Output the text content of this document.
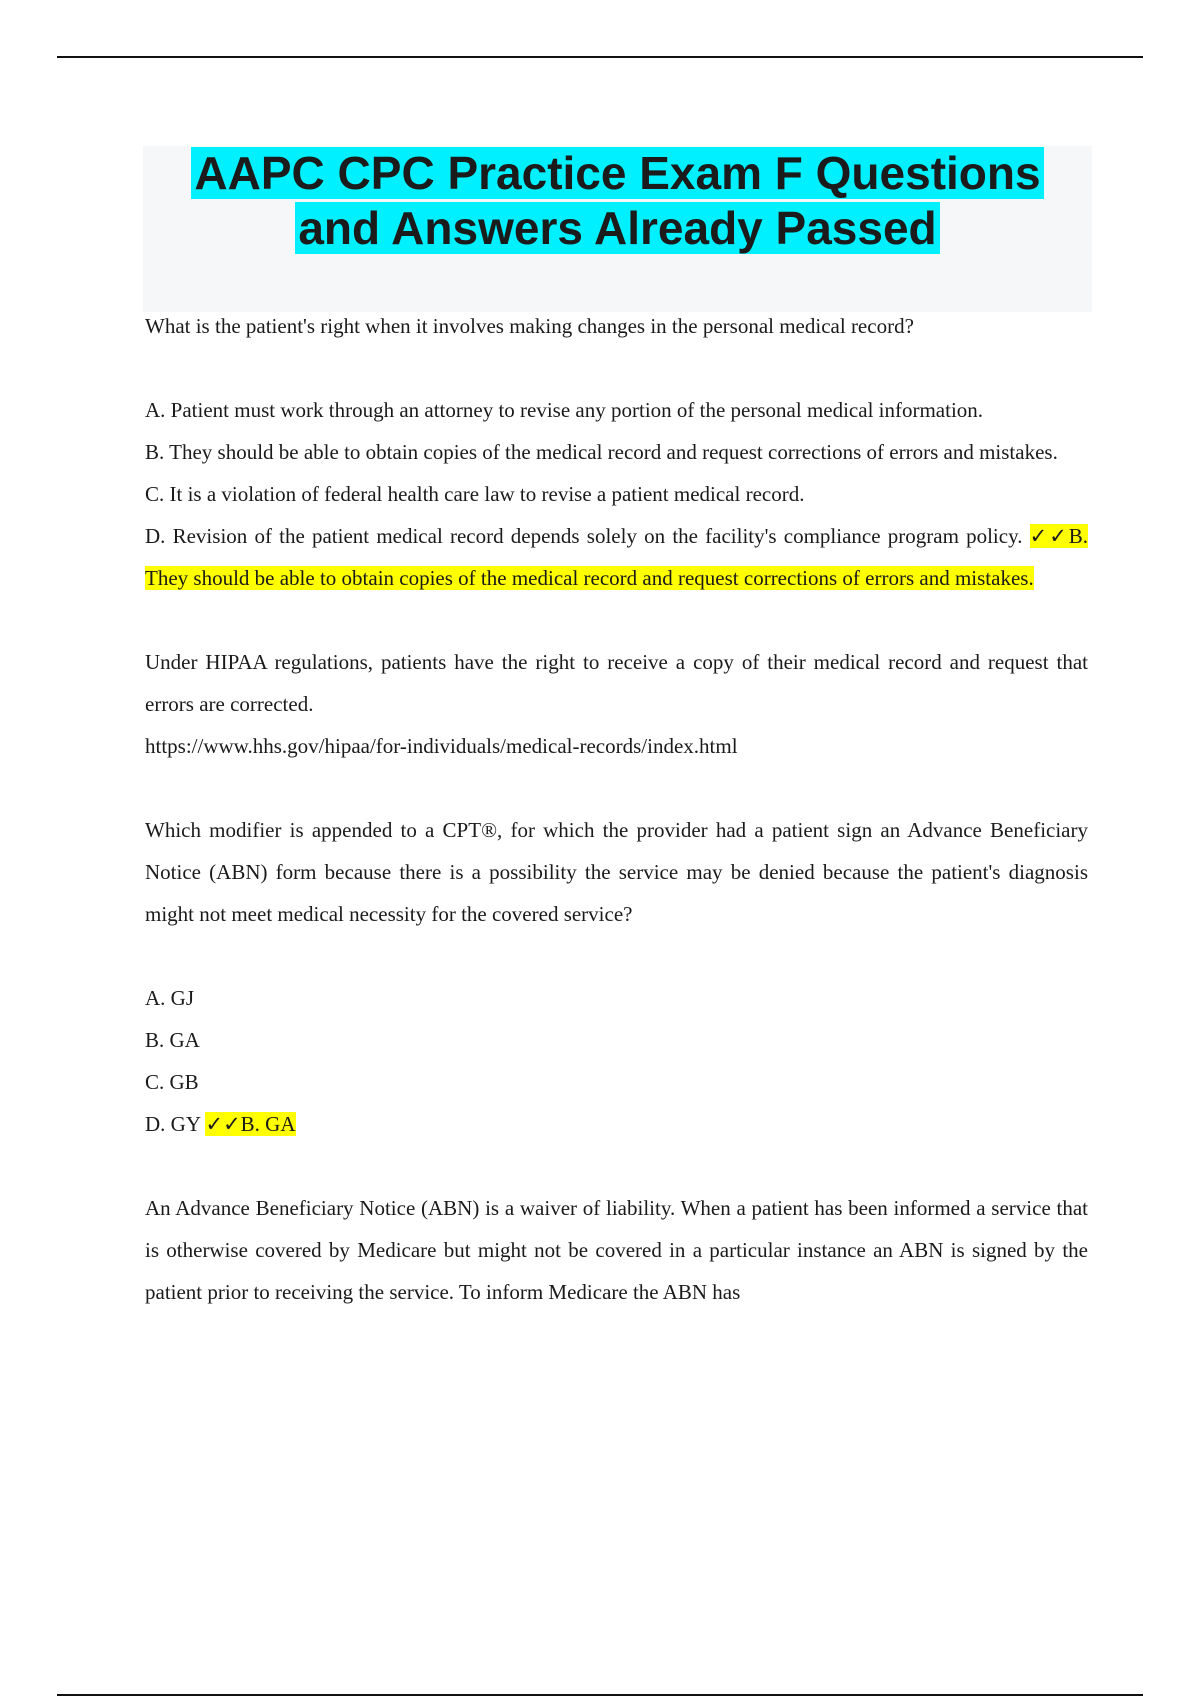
AAPC CPC Practice Exam F Questions
and Answers Already Passed

What is the patient's right when it involves making changes in the personal medical record?

A. Patient must work through an attorney to revise any portion of the personal medical information.

B. They should be able to obtain copies of the medical record and request corrections of errors and mistakes.

C. It is a violation of federal health care law to revise a patient medical record.

D. Revision of the patient medical record depends solely on the facility's compliance program policy. ✓✓B. They should be able to obtain copies of the medical record and request corrections of errors and mistakes.

Under HIPAA regulations, patients have the right to receive a copy of their medical record and request that errors are corrected.

https://www.hhs.gov/hipaa/for-individuals/medical-records/index.html

Which modifier is appended to a CPT®, for which the provider had a patient sign an Advance Beneficiary Notice (ABN) form because there is a possibility the service may be denied because the patient's diagnosis might not meet medical necessity for the covered service?

A. GJ

B. GA

C. GB

D. GY ✓✓B. GA

An Advance Beneficiary Notice (ABN) is a waiver of liability. When a patient has been informed a service that is otherwise covered by Medicare but might not be covered in a particular instance an ABN is signed by the patient prior to receiving the service. To inform Medicare the ABN has
